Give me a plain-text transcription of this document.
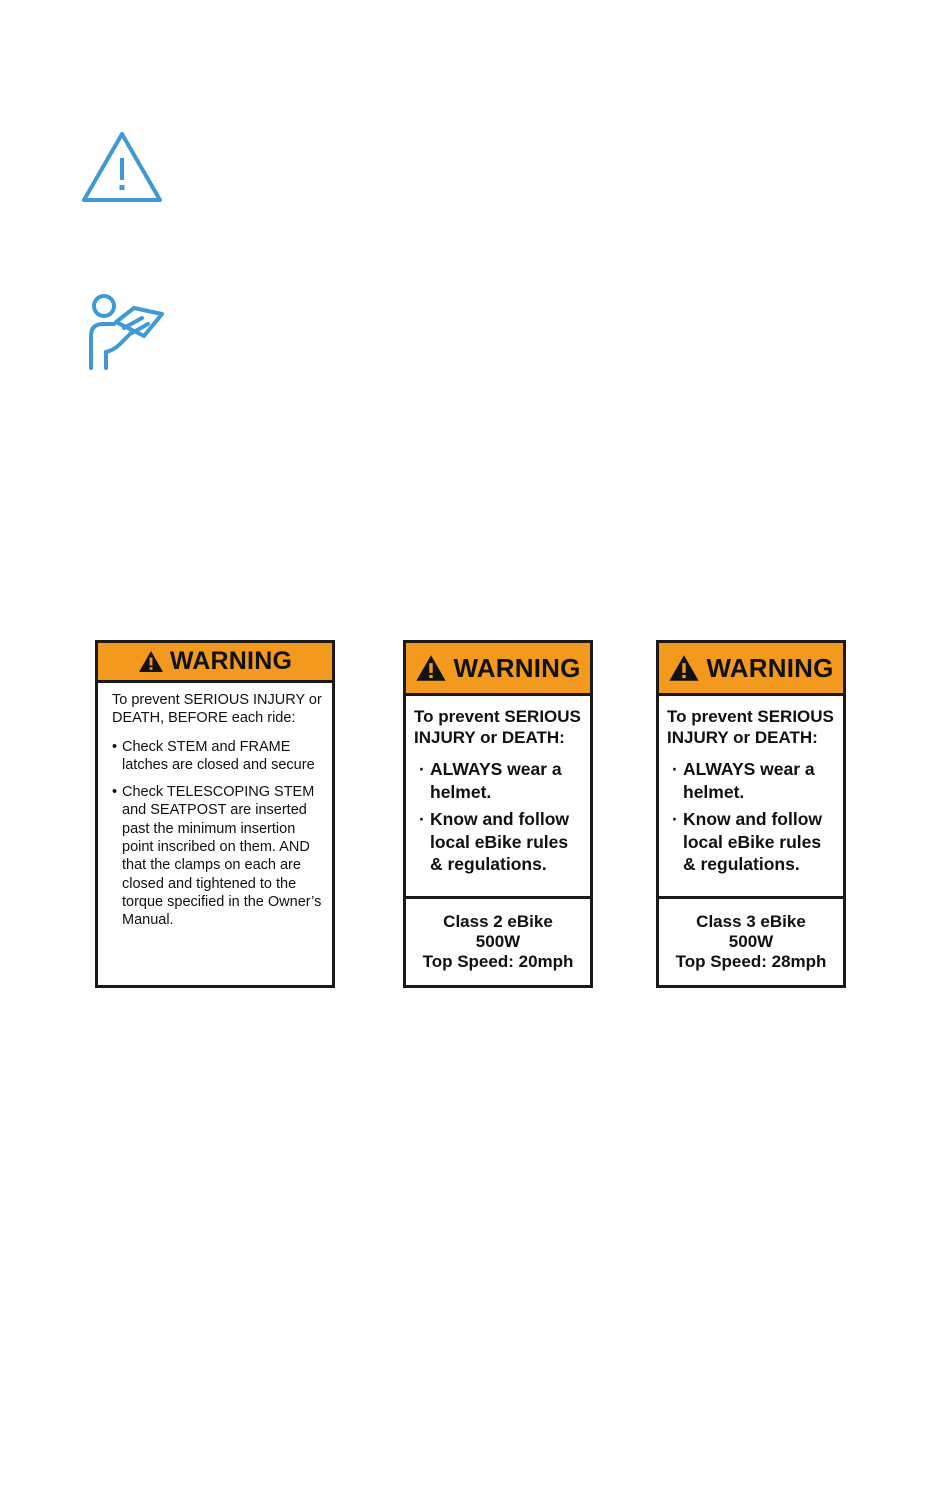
WARNING

To prevent SERIOUS INJURY or DEATH, BEFORE each ride:

• Check STEM and FRAME latches are closed and secure
• Check TELESCOPING STEM and SEATPOST are inserted past the minimum insertion point inscribed on them. AND that the clamps on each are closed and tightened to the torque specified in the Owner’s Manual.
WARNING

To prevent SERIOUS INJURY or DEATH:

· ALWAYS wear a helmet.
· Know and follow local eBike rules & regulations.
Class 2 eBike
500W
Top Speed: 20mph
WARNING

To prevent SERIOUS INJURY or DEATH:

· ALWAYS wear a helmet.
· Know and follow local eBike rules & regulations.
Class 3 eBike
500W
Top Speed: 28mph
